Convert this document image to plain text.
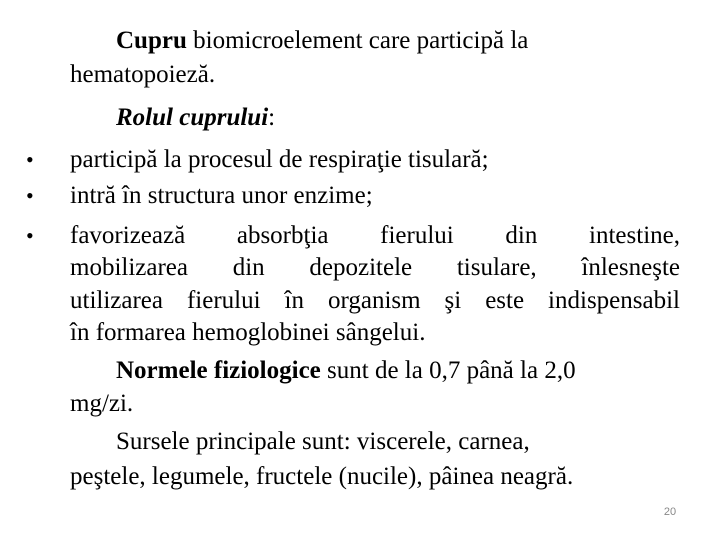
Cupru biomicroelement care participă la
hematopoieză.
Rolul cuprului:
• participă la procesul de respiraţie tisulară;
• intră în structura unor enzime;
• favorizează absorbţia fierului din intestine,
mobilizarea din depozitele tisulare, înlesneşte
utilizarea fierului în organism şi este indispensabil
în formarea hemoglobinei sângelui.
Normele fiziologice sunt de la 0,7 până la 2,0
mg/zi.
Sursele principale sunt: viscerele, carnea,
peştele, legumele, fructele (nucile), pâinea neagră.
20
